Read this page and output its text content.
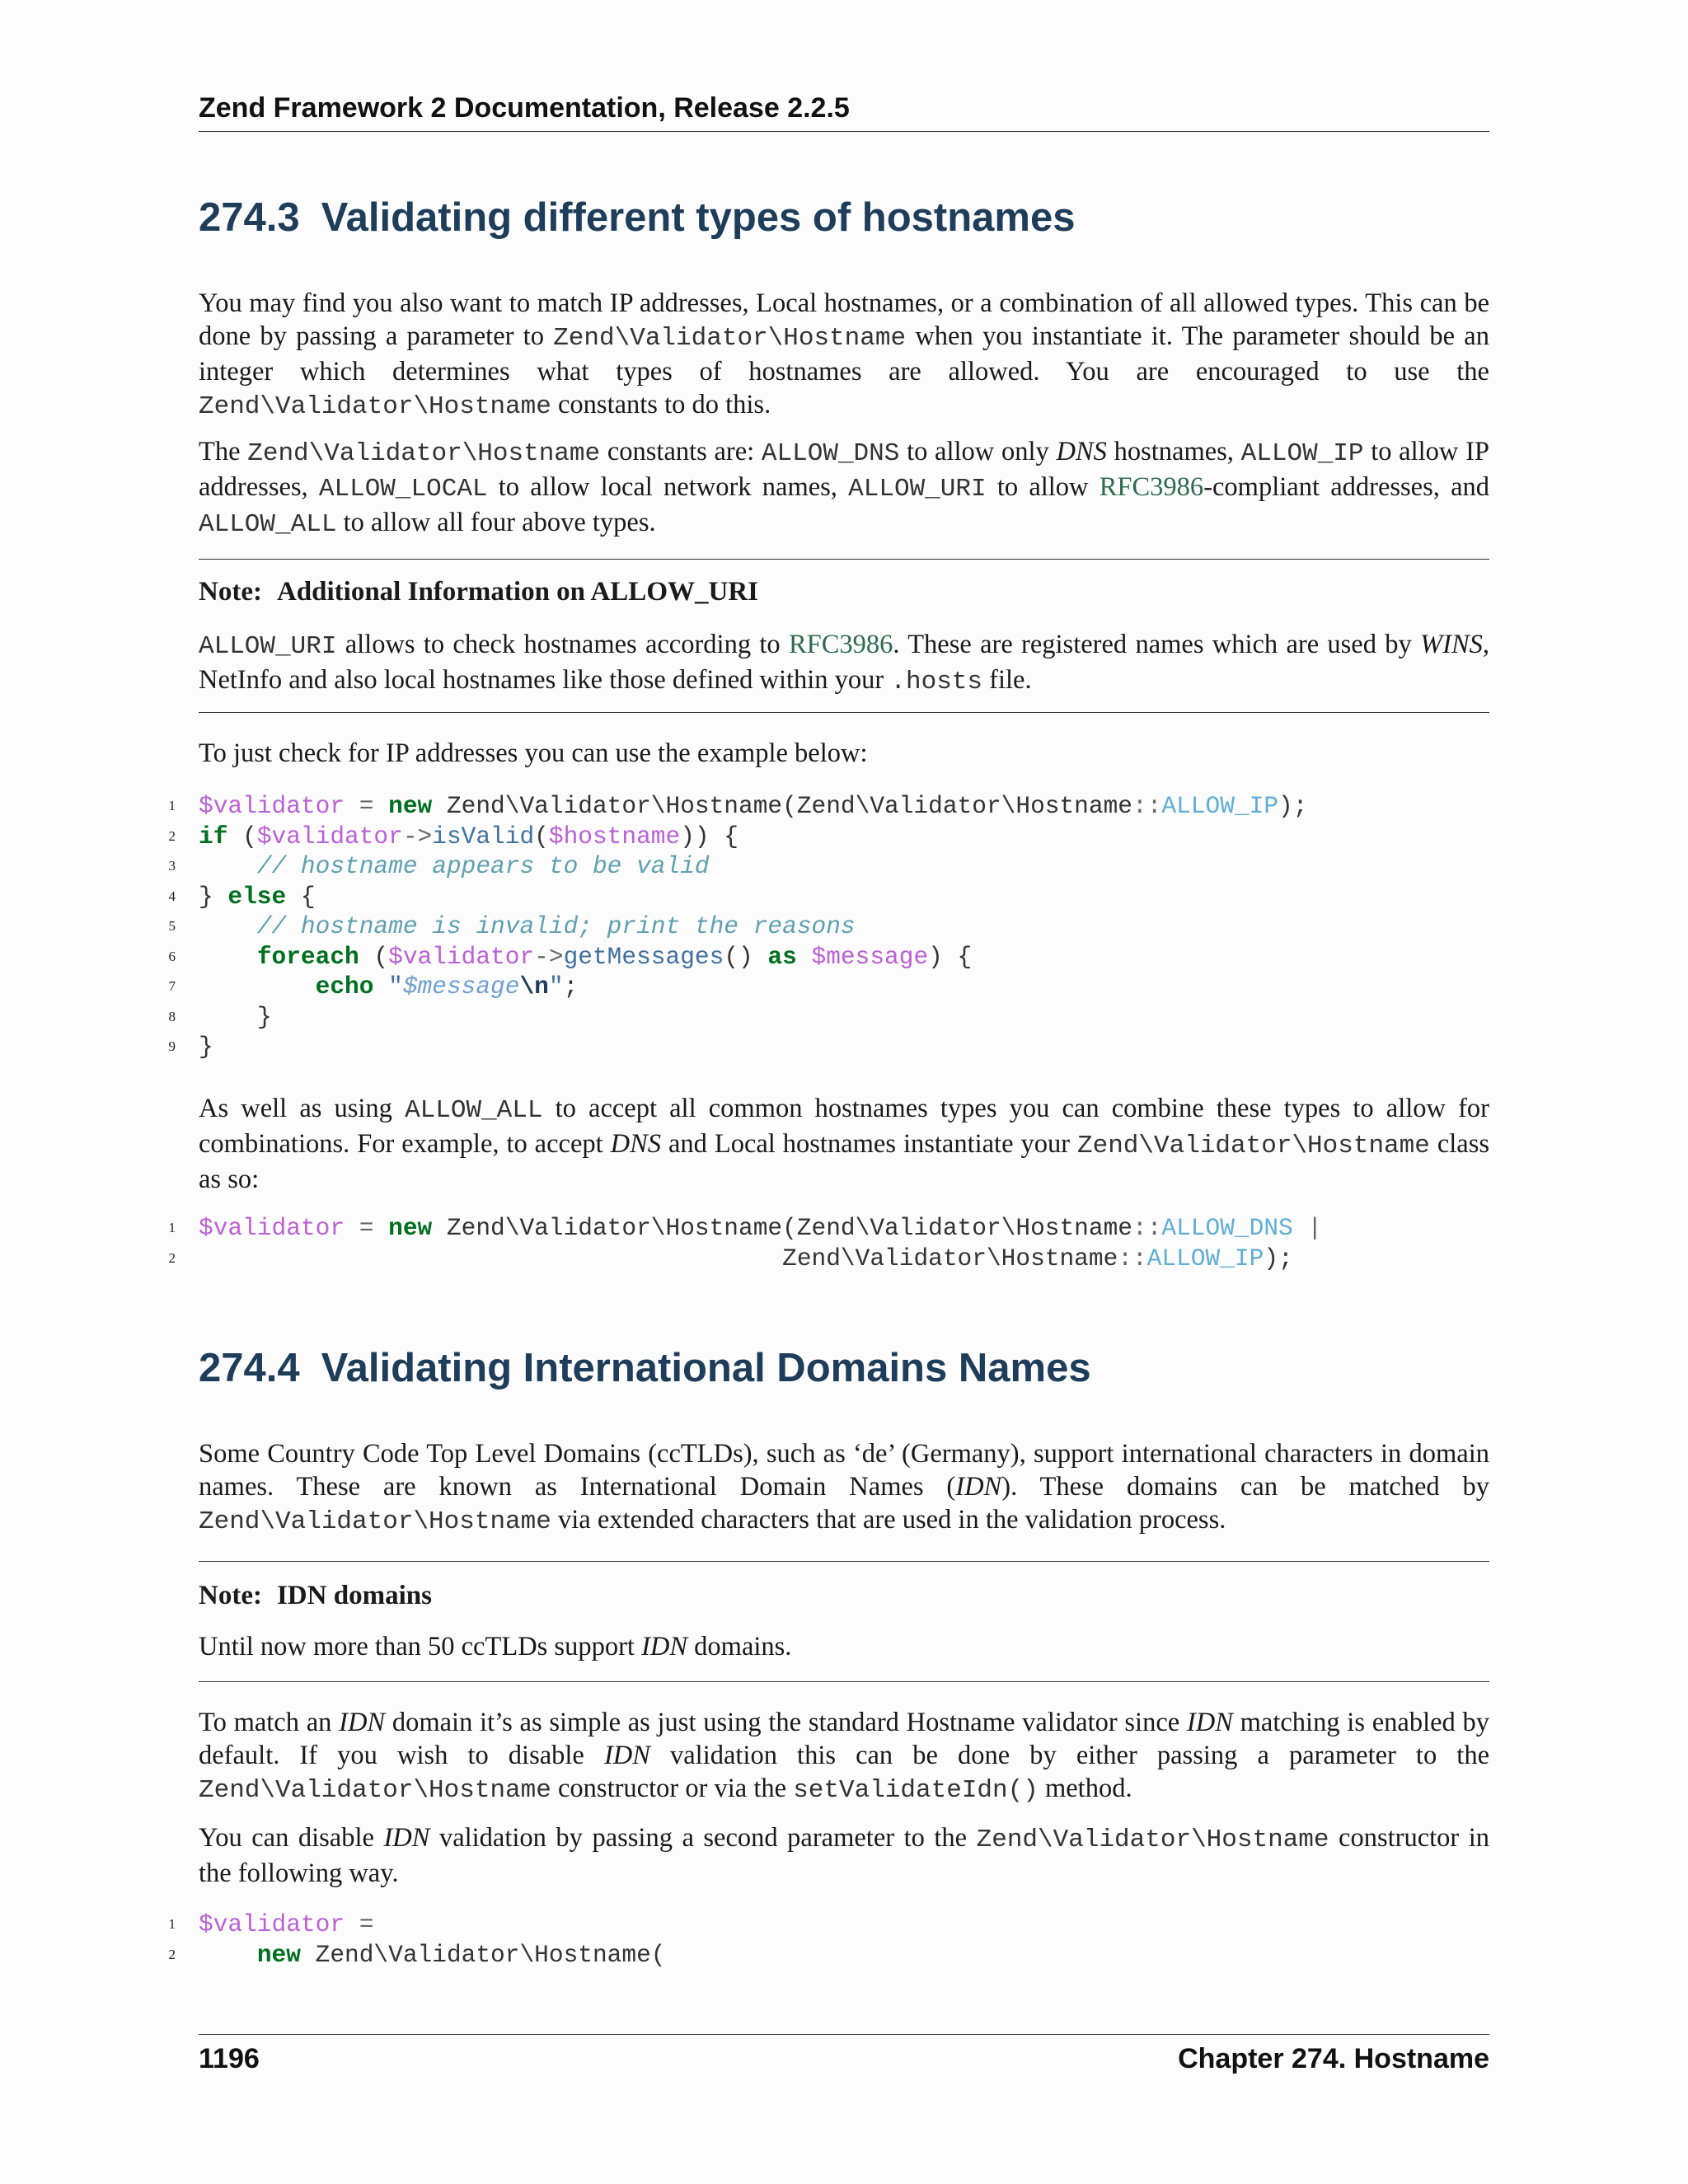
Zend Framework 2 Documentation, Release 2.2.5
274.3 Validating different types of hostnames

You may find you also want to match IP addresses, Local hostnames, or a combination of all allowed types. This can be done by passing a parameter to Zend\Validator\Hostname when you instantiate it. The parameter should be an integer which determines what types of hostnames are allowed. You are encouraged to use the Zend\Validator\Hostname constants to do this.

The Zend\Validator\Hostname constants are: ALLOW_DNS to allow only DNS hostnames, ALLOW_IP to allow IP addresses, ALLOW_LOCAL to allow local network names, ALLOW_URI to allow RFC3986-compliant addresses, and ALLOW_ALL to allow all four above types.

Note: Additional Information on ALLOW_URI

ALLOW_URI allows to check hostnames according to RFC3986. These are registered names which are used by WINS, NetInfo and also local hostnames like those defined within your .hosts file.

To just check for IP addresses you can use the example below:

1 $validator = new Zend\Validator\Hostname(Zend\Validator\Hostname::ALLOW_IP);
2 if ($validator->isValid($hostname)) {
3	// hostname appears to be valid
4 } else {
5	// hostname is invalid; print the reasons
6	foreach ($validator->getMessages() as $message) {
7	echo "$message\n";
8	}
9 }

As well as using ALLOW_ALL to accept all common hostnames types you can combine these types to allow for combinations. For example, to accept DNS and Local hostnames instantiate your Zend\Validator\Hostname class as so:

1 $validator = new Zend\Validator\Hostname(Zend\Validator\Hostname::ALLOW_DNS |
2	Zend\Validator\Hostname::ALLOW_IP);
274.4 Validating International Domains Names

Some Country Code Top Level Domains (ccTLDs), such as ‘de’ (Germany), support international characters in domain names. These are known as International Domain Names (IDN). These domains can be matched by Zend\Validator\Hostname via extended characters that are used in the validation process.

Note: IDN domains

Until now more than 50 ccTLDs support IDN domains.

To match an IDN domain it’s as simple as just using the standard Hostname validator since IDN matching is enabled by default. If you wish to disable IDN validation this can be done by either passing a parameter to the Zend\Validator\Hostname constructor or via the setValidateIdn() method.

You can disable IDN validation by passing a second parameter to the Zend\Validator\Hostname constructor in the following way.

1 $validator =
2	new Zend\Validator\Hostname(
1196	Chapter 274. Hostname
